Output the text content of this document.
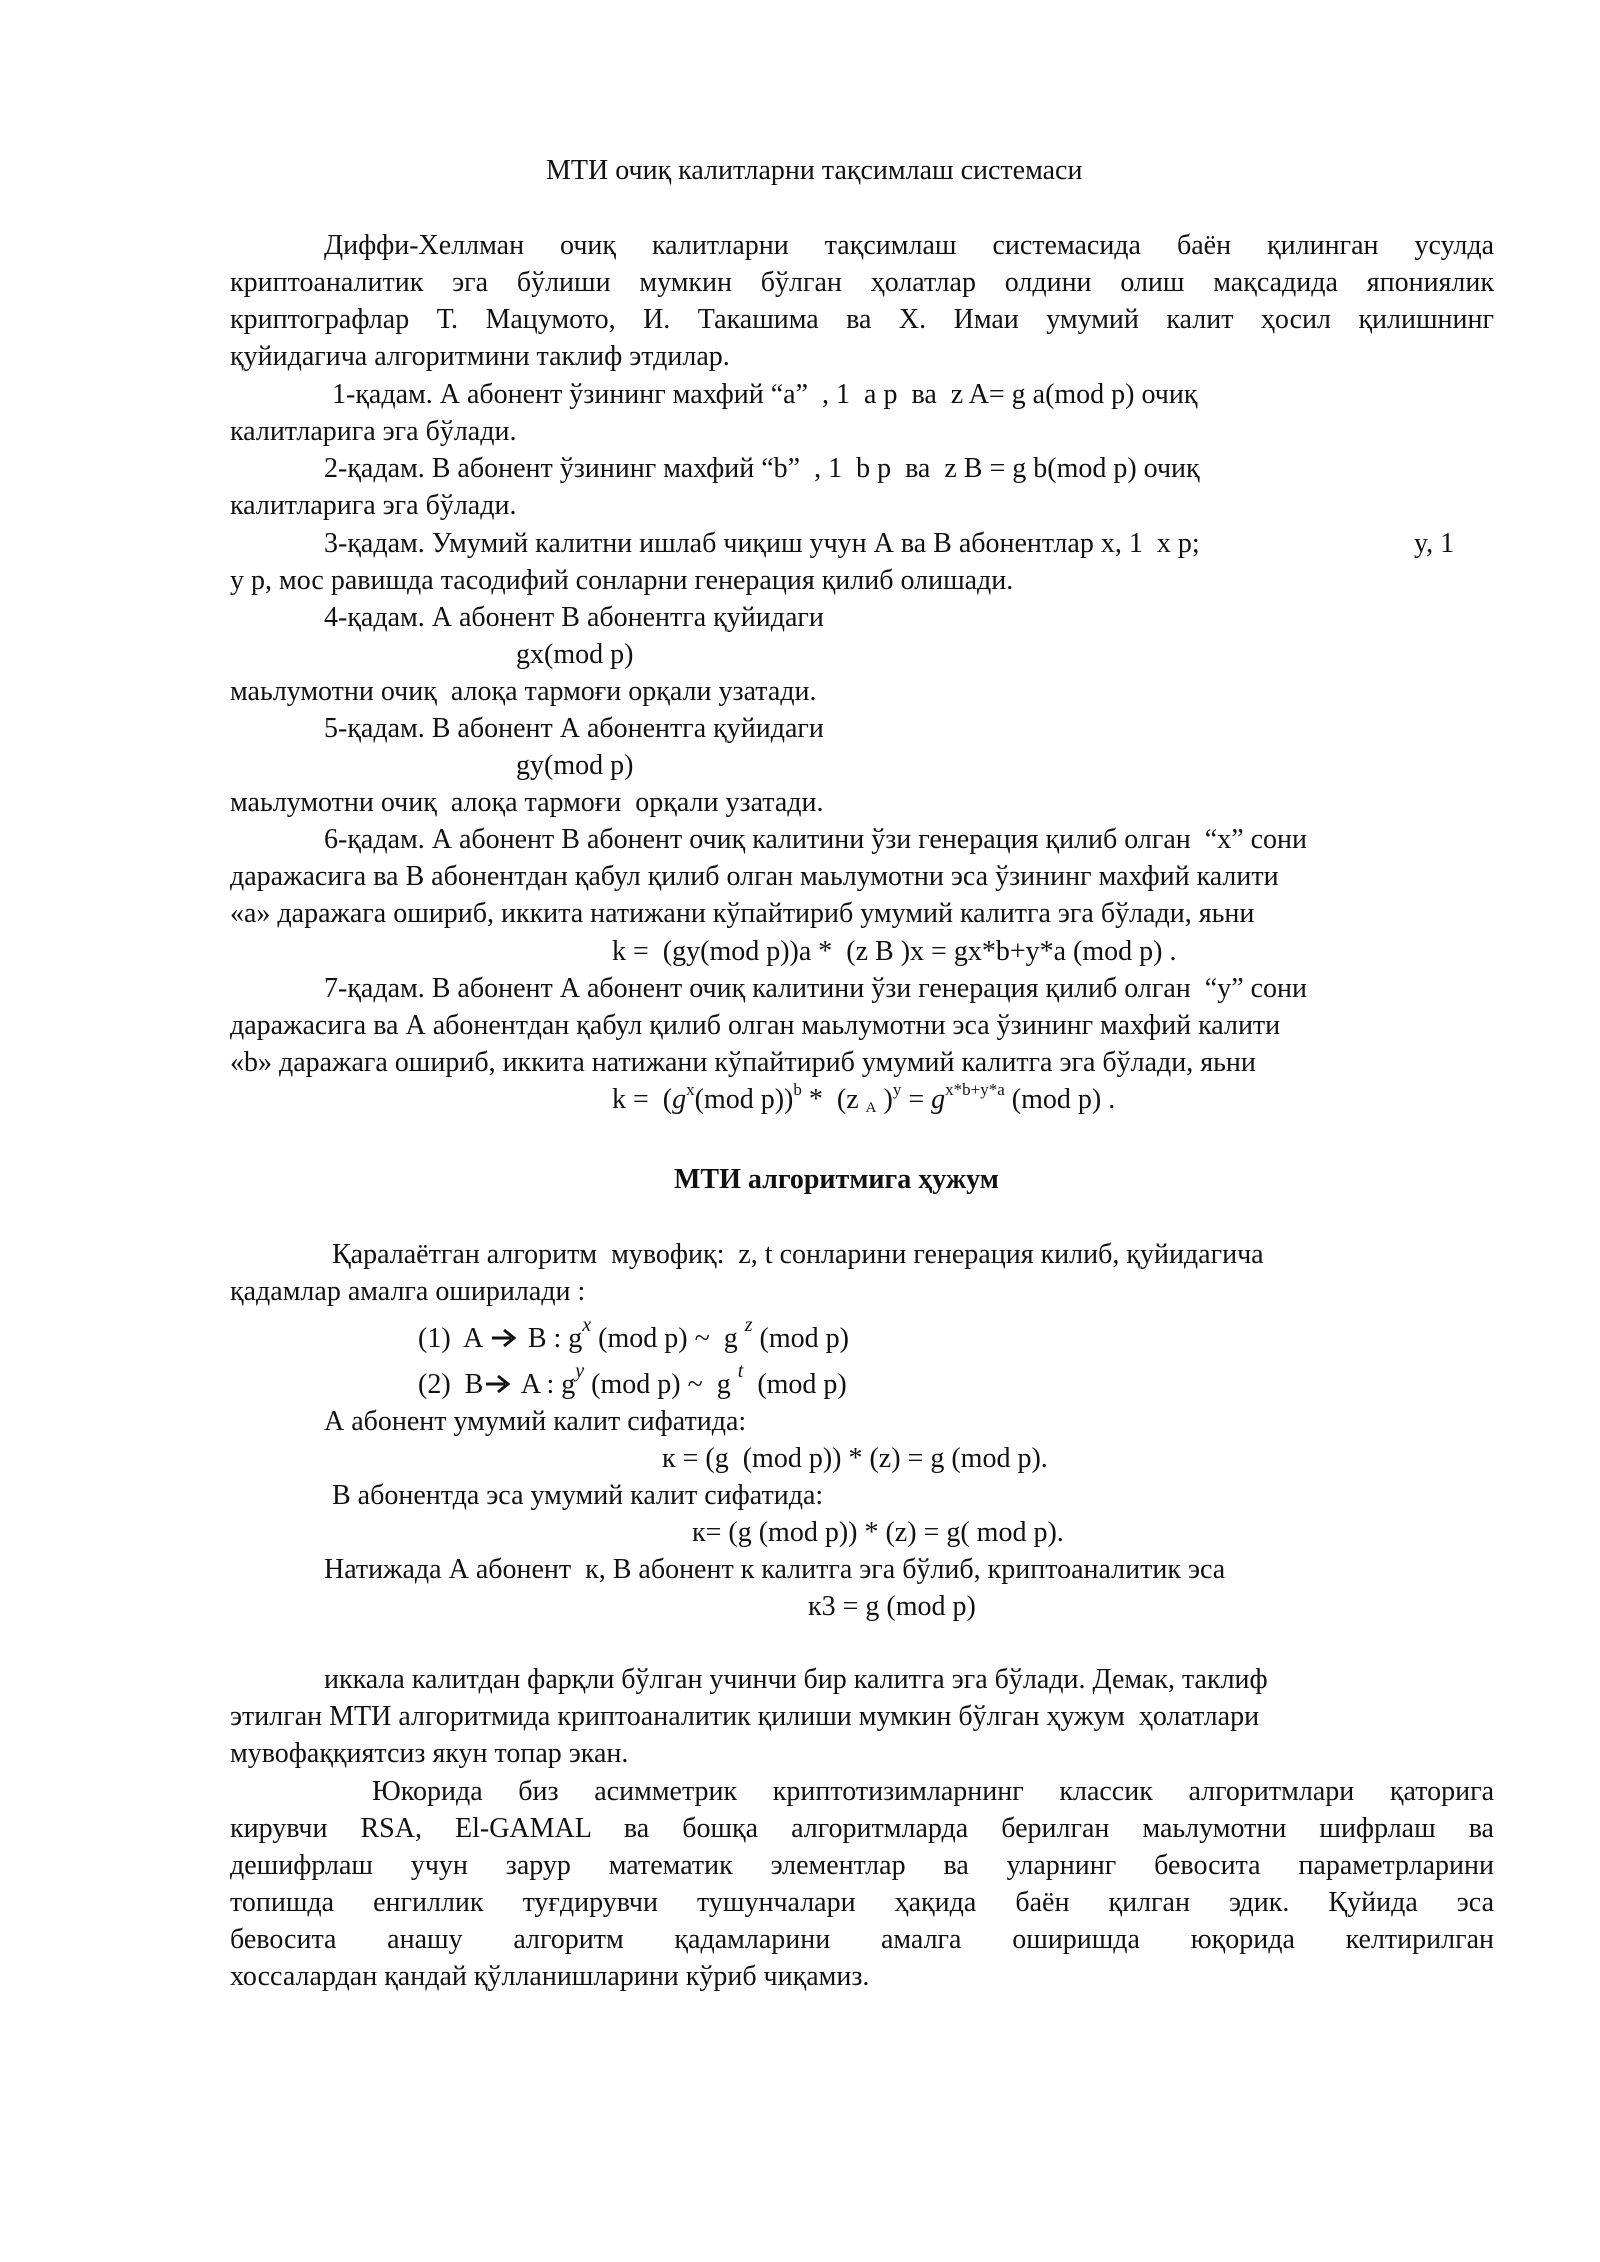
МТИ очиқ калитларни тақсимлаш системаси
Диффи-Хеллман очиқ калитларни тақсимлаш системасида баён қилинган усулда
криптоаналитик эга бўлиши мумкин бўлган ҳолатлар олдини олиш мақсадида япониялик
криптографлар Т. Мацумото, И. Такашима ва Х. Имаи умумий калит ҳосил қилишнинг
қуйидагича алгоритмини таклиф этдилар.
1-қадам. А абонент ўзининг махфий “a”  , 1  a p  ва  z A= g a(mod p) очиқ
калитларига эга бўлади.
2-қадам. В абонент ўзининг махфий “b”  , 1  b p  ва  z B = g b(mod p) очиқ
калитларига эга бўлади.
3-қадам. Умумий калитни ишлаб чиқиш учун А ва В абонентлар x, 1  x p;	y, 1
y p, мос равишда тасодифий сонларни генерация қилиб олишади.
4-қадам. А абонент В абонентга қуйидаги
gx(mod p)
маьлумотни очиқ  алоқа тармоғи орқали узатади.
5-қадам. В абонент А абонентга қуйидаги
gy(mod p)
маьлумотни очиқ  алоқа тармоғи  орқали узатади.
6-қадам. А абонент В абонент очиқ калитини ўзи генерация қилиб олган  “x” сони
даражасига ва В абонентдан қабул қилиб олган маьлумотни эса ўзининг махфий калити
«а» даражага ошириб, иккита натижани кўпайтириб умумий калитга эга бўлади, яьни
k =  (gy(mod p))a *  (z B )x = gx*b+y*a (mod p) .
7-қадам. В абонент А абонент очиқ калитини ўзи генерация қилиб олган  “y” сони
даражасига ва А абонентдан қабул қилиб олган маьлумотни эса ўзининг махфий калити
«b» даражага ошириб, иккита натижани кўпайтириб умумий калитга эга бўлади, яьни
$k = (g^x(mod$ p))$^b$ *  (z $_A$ )$^y = g^{x*b+y*a}$ (mod p) .
МТИ алгоритмига ҳужум
Қаралаётган алгоритм  мувофиқ:  z, t сонларини генерация килиб, қуйидагича
қадамлар амалга оширилади :
(1) A B : $g^x$ (mod p) ~  g $^z$ (mod p)
(2) B A : $g^y$ (mod p) ~  g $^t$  (mod p)
А абонент умумий калит сифатида:
к = (g  (mod p)) * (z) = g (mod p).
В абонентда эса умумий калит сифатида:
к= (g (mod p)) * (z) = g( mod p).
Натижада А абонент  к, В абонент к калитга эга бўлиб, криптоаналитик эса
к3 = g (mod p)
иккала калитдан фарқли бўлган учинчи бир калитга эга бўлади. Демак, таклиф
этилган МТИ алгоритмида криптоаналитик қилиши мумкин бўлган ҳужум  ҳолатлари
мувофаққиятсиз якун топар экан.
Юкорида биз асимметрик криптотизимларнинг классик алгоритмлари қаторига
кирувчи RSA, El-GAMAL ва бошқа алгоритмларда берилган маьлумотни шифрлаш ва
дешифрлаш учун зарур математик элементлар ва уларнинг бевосита параметрларини
топишда енгиллик туғдирувчи тушунчалари ҳақида баён қилган эдик. Қуйида эса
бевосита анашу алгоритм қадамларини амалга оширишда юқорида келтирилган
хоссалардан қандай қўлланишларини кўриб чиқамиз.
